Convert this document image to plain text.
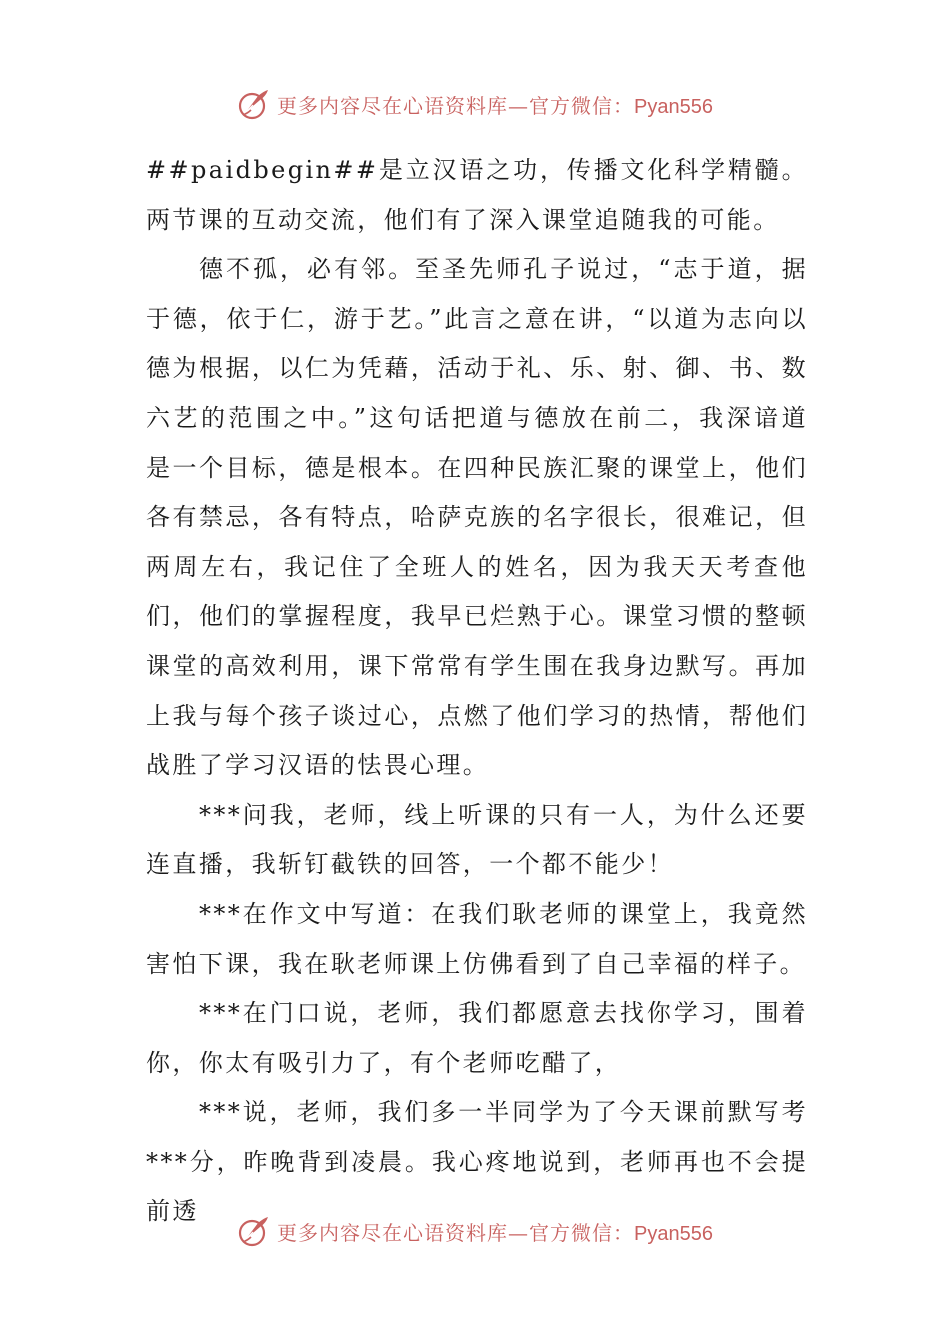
更多内容尽在心语资料库—官方微信：Pyan556

##paidbegin##是立汉语之功，传播文化科学精髓。两节课的互动交流，他们有了深入课堂追随我的可能。

德不孤，必有邻。至圣先师孔子说过，“志于道，据于德，依于仁，游于艺。”此言之意在讲，“以道为志向以德为根据，以仁为凭藉，活动于礼、乐、射、御、书、数六艺的范围之中。”这句话把道与德放在前二，我深谙道是一个目标，德是根本。在四种民族汇聚的课堂上，他们各有禁忌，各有特点，哈萨克族的名字很长，很难记，但两周左右，我记住了全班人的姓名，因为我天天考查他们，他们的掌握程度，我早已烂熟于心。课堂习惯的整顿课堂的高效利用，课下常常有学生围在我身边默写。再加上我与每个孩子谈过心，点燃了他们学习的热情，帮他们战胜了学习汉语的怯畏心理。

***问我，老师，线上听课的只有一人，为什么还要连直播，我斩钉截铁的回答，一个都不能少！

***在作文中写道：在我们耿老师的课堂上，我竟然害怕下课，我在耿老师课上仿佛看到了自己幸福的样子。

***在门口说，老师，我们都愿意去找你学习，围着你，你太有吸引力了，有个老师吃醋了，

***说，老师，我们多一半同学为了今天课前默写考***分，昨晚背到凌晨。我心疼地说到，老师再也不会提前透

更多内容尽在心语资料库—官方微信：Pyan556
